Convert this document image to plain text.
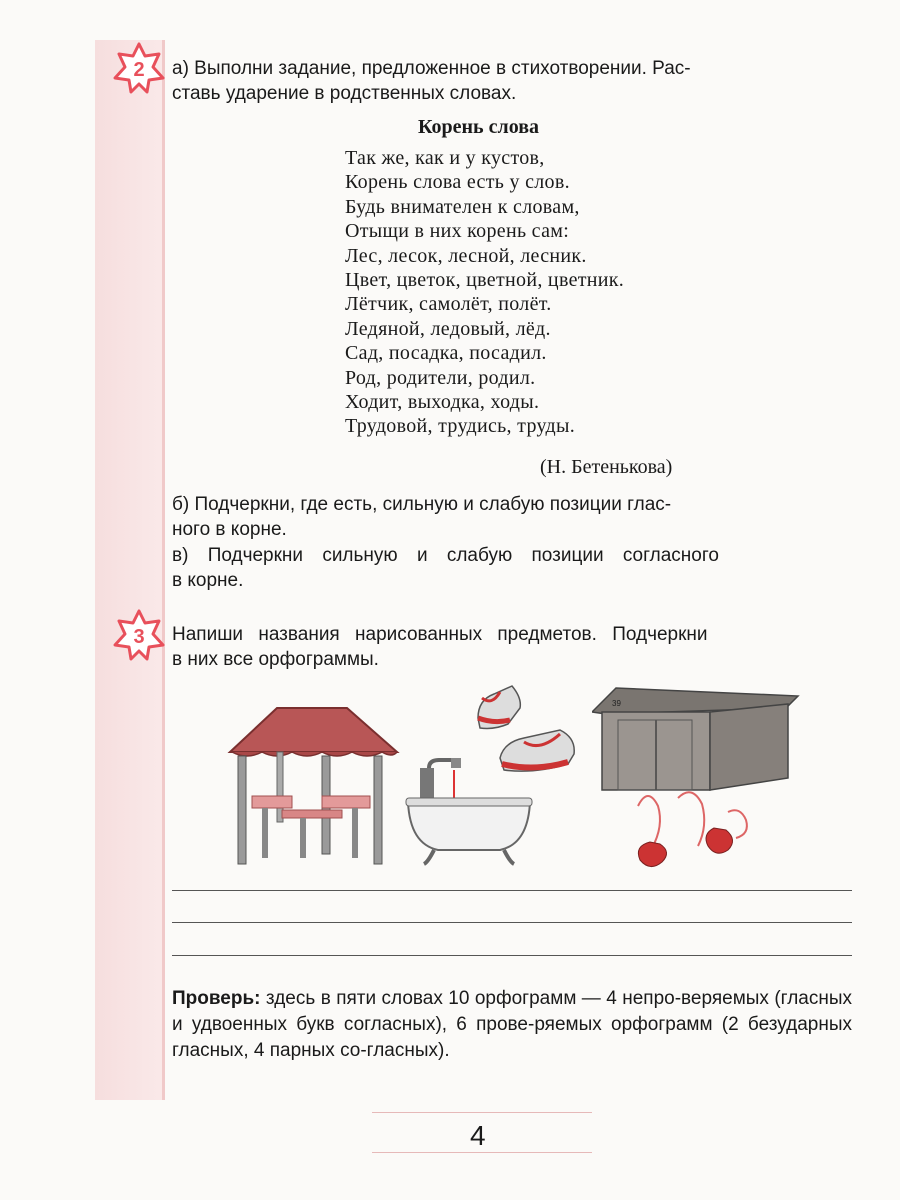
2 а) Выполни задание, предложенное в стихотворении. Рас-
ставь ударение в родственных словах.
Корень слова
Так же, как и у кустов,
Корень слова есть у слов.
Будь внимателен к словам,
Отыщи в них корень сам:
Лес, лесок, лесной, лесник.
Цвет, цветок, цветной, цветник.
Лётчик, самолёт, полёт.
Ледяной, ледовый, лёд.
Сад, посадка, посадил.
Род, родители, родил.
Ходит, выходка, ходы.
Трудовой, трудись, труды.
(Н. Бетенькова)
б) Подчеркни, где есть, сильную и слабую позиции глас-
ного в корне.
в) Подчеркни сильную и слабую позиции согласного
в корне.
3 Напиши названия нарисованных предметов. Подчеркни
в них все орфограммы.
39
Проверь: здесь в пяти словах 10 орфограмм — 4 непро-веряемых (гласных и удвоенных букв согласных), 6 прове-ряемых орфограмм (2 безударных гласных, 4 парных со-гласных).
4
